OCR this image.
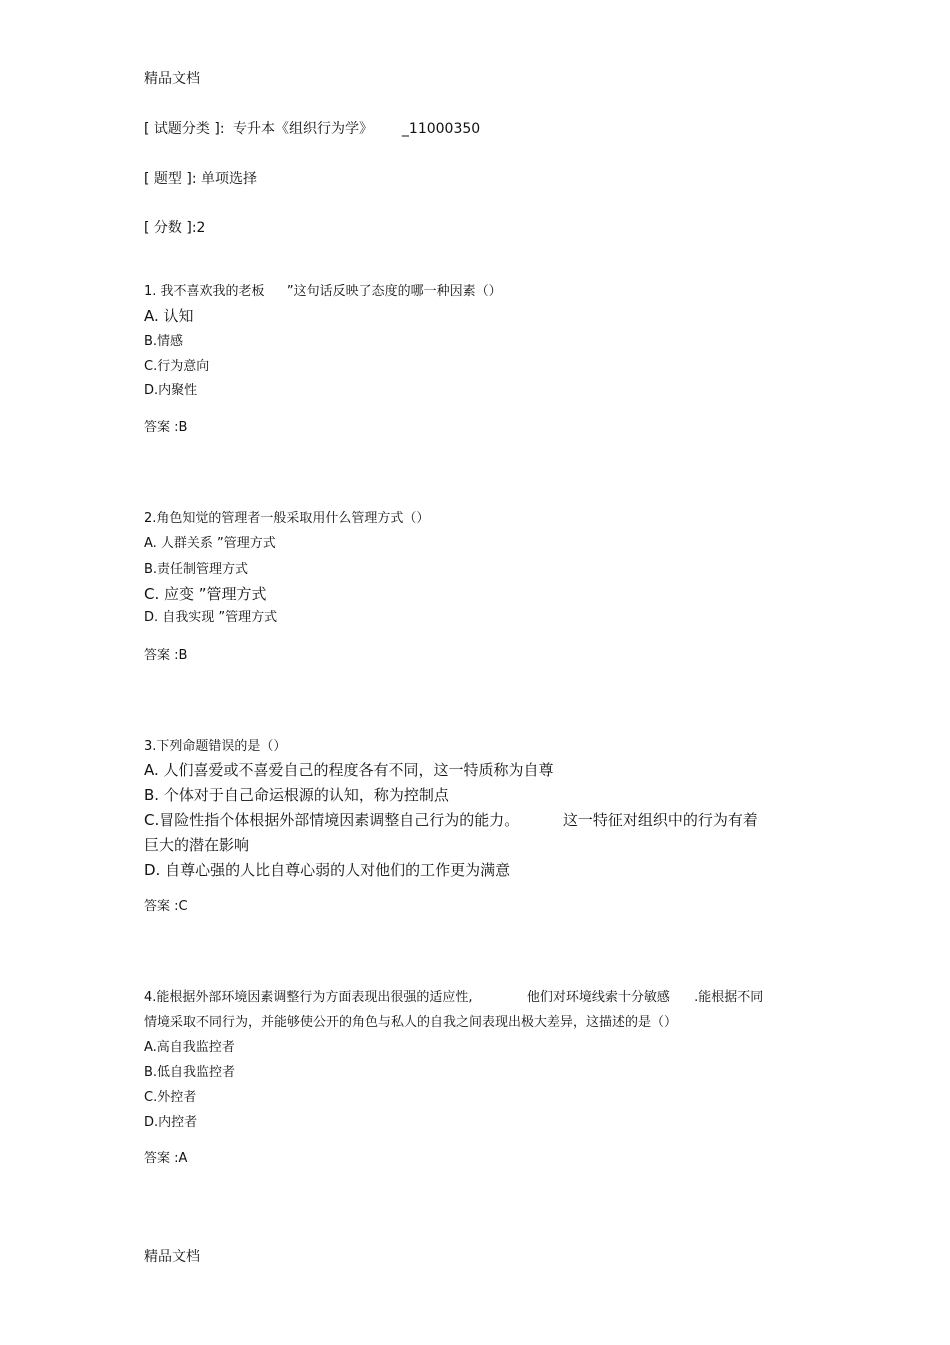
精品文档
[ 试题分类 ]: 专升本《组织行为学》 _11000350
[ 题型 ]: 单项选择
[ 分数 ]:2
1. 我不喜欢我的老板 ”这句话反映了态度的哪一种因素（）
A. 认知
B.情感
C.行为意向
D.内聚性
答案 :B
2.角色知觉的管理者一般采取用什么管理方式（）
A. 人群关系 ”管理方式
B.责任制管理方式
C. 应变 ”管理方式
D. 自我实现 ”管理方式
答案 :B
3.下列命题错误的是（）
A. 人们喜爱或不喜爱自己的程度各有不同，这一特质称为自尊
B. 个体对于自己命运根源的认知，称为控制点
C.冒险性指个体根据外部情境因素调整自己行为的能力。	这一特征对组织中的行为有着
巨大的潜在影响
D. 自尊心强的人比自尊心弱的人对他们的工作更为满意
答案 :C
4.能根据外部环境因素调整行为方面表现出很强的适应性,	他们对环境线索十分敏感 .能根据不同
情境采取不同行为，并能够使公开的角色与私人的自我之间表现出极大差异，这描述的是（）
A.高自我监控者
B.低自我监控者
C.外控者
D.内控者
答案 :A
精品文档
